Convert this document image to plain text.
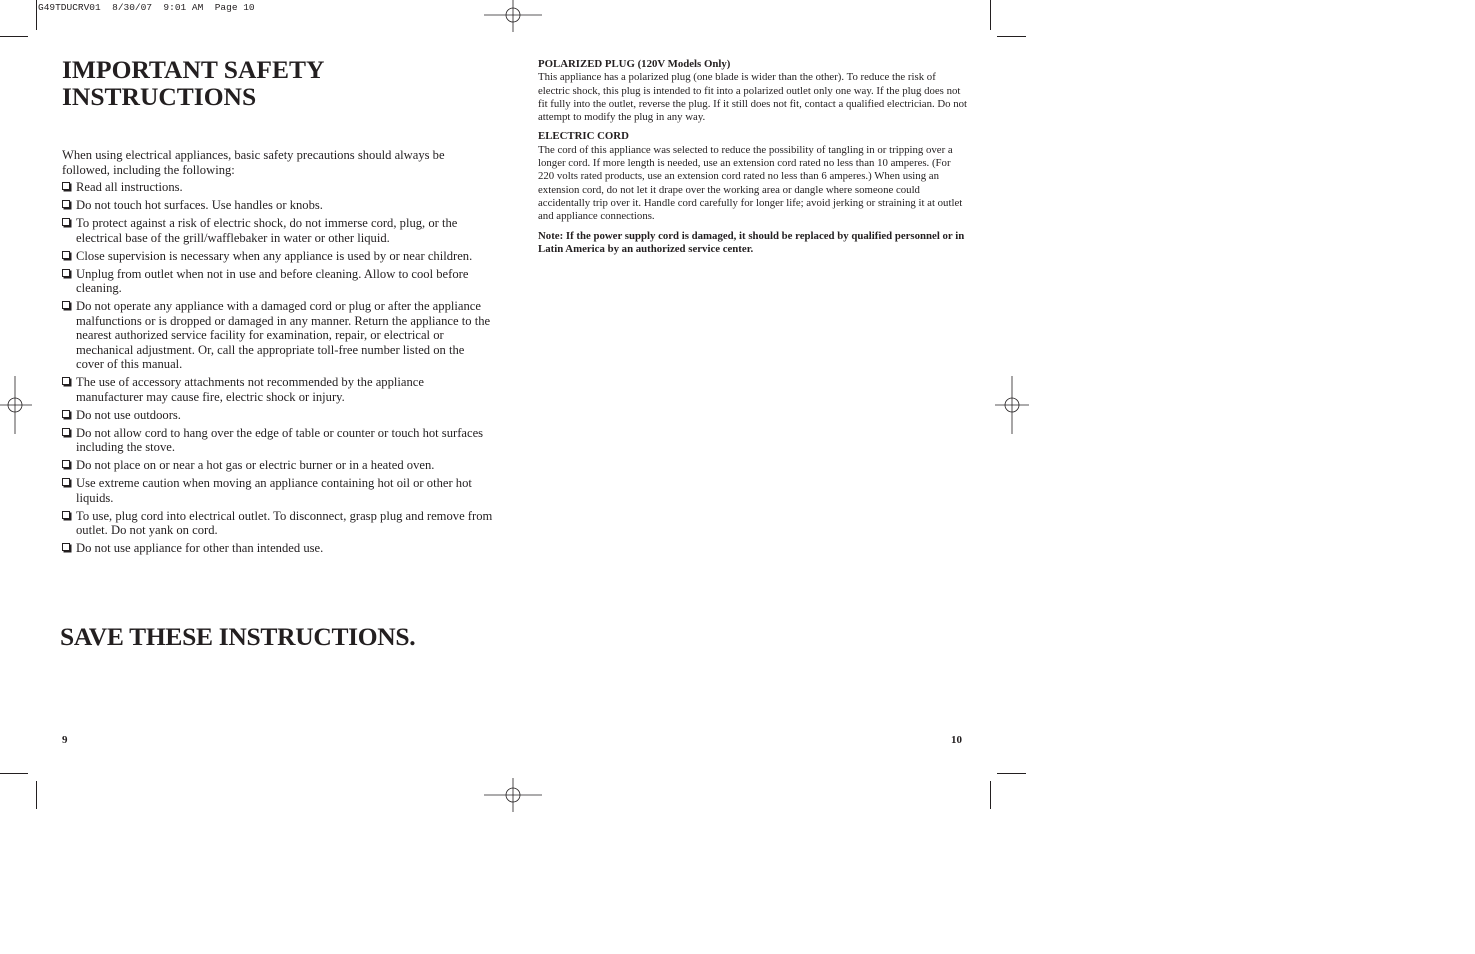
G49TDUCRV01  8/30/07  9:01 AM  Page 10
IMPORTANT SAFETY
INSTRUCTIONS
When using electrical appliances, basic safety precautions should always be followed, including the following:
Read all instructions.
Do not touch hot surfaces. Use handles or knobs.
To protect against a risk of electric shock, do not immerse cord, plug, or the electrical base of the grill/wafflebaker in water or other liquid.
Close supervision is necessary when any appliance is used by or near children.
Unplug from outlet when not in use and before cleaning. Allow to cool before cleaning.
Do not operate any appliance with a damaged cord or plug or after the appliance malfunctions or is dropped or damaged in any manner. Return the appliance to the nearest authorized service facility for examination, repair, or electrical or mechanical adjustment. Or, call the appropriate toll-free number listed on the cover of this manual.
The use of accessory attachments not recommended by the appliance manufacturer may cause fire, electric shock or injury.
Do not use outdoors.
Do not allow cord to hang over the edge of table or counter or touch hot surfaces including the stove.
Do not place on or near a hot gas or electric burner or in a heated oven.
Use extreme caution when moving an appliance containing hot oil or other hot liquids.
To use, plug cord into electrical outlet. To disconnect, grasp plug and remove from outlet. Do not yank on cord.
Do not use appliance for other than intended use.
SAVE THESE INSTRUCTIONS.
9

POLARIZED PLUG (120V Models Only)
This appliance has a polarized plug (one blade is wider than the other). To reduce the risk of electric shock, this plug is intended to fit into a polarized outlet only one way. If the plug does not fit fully into the outlet, reverse the plug. If it still does not fit, contact a qualified electrician. Do not attempt to modify the plug in any way.

ELECTRIC CORD
The cord of this appliance was selected to reduce the possibility of tangling in or tripping over a longer cord. If more length is needed, use an extension cord rated no less than 10 amperes. (For 220 volts rated products, use an extension cord rated no less than 6 amperes.) When using an extension cord, do not let it drape over the working area or dangle where someone could accidentally trip over it. Handle cord carefully for longer life; avoid jerking or straining it at outlet and appliance connections.

Note: If the power supply cord is damaged, it should be replaced by qualified personnel or in Latin America by an authorized service center.

10
